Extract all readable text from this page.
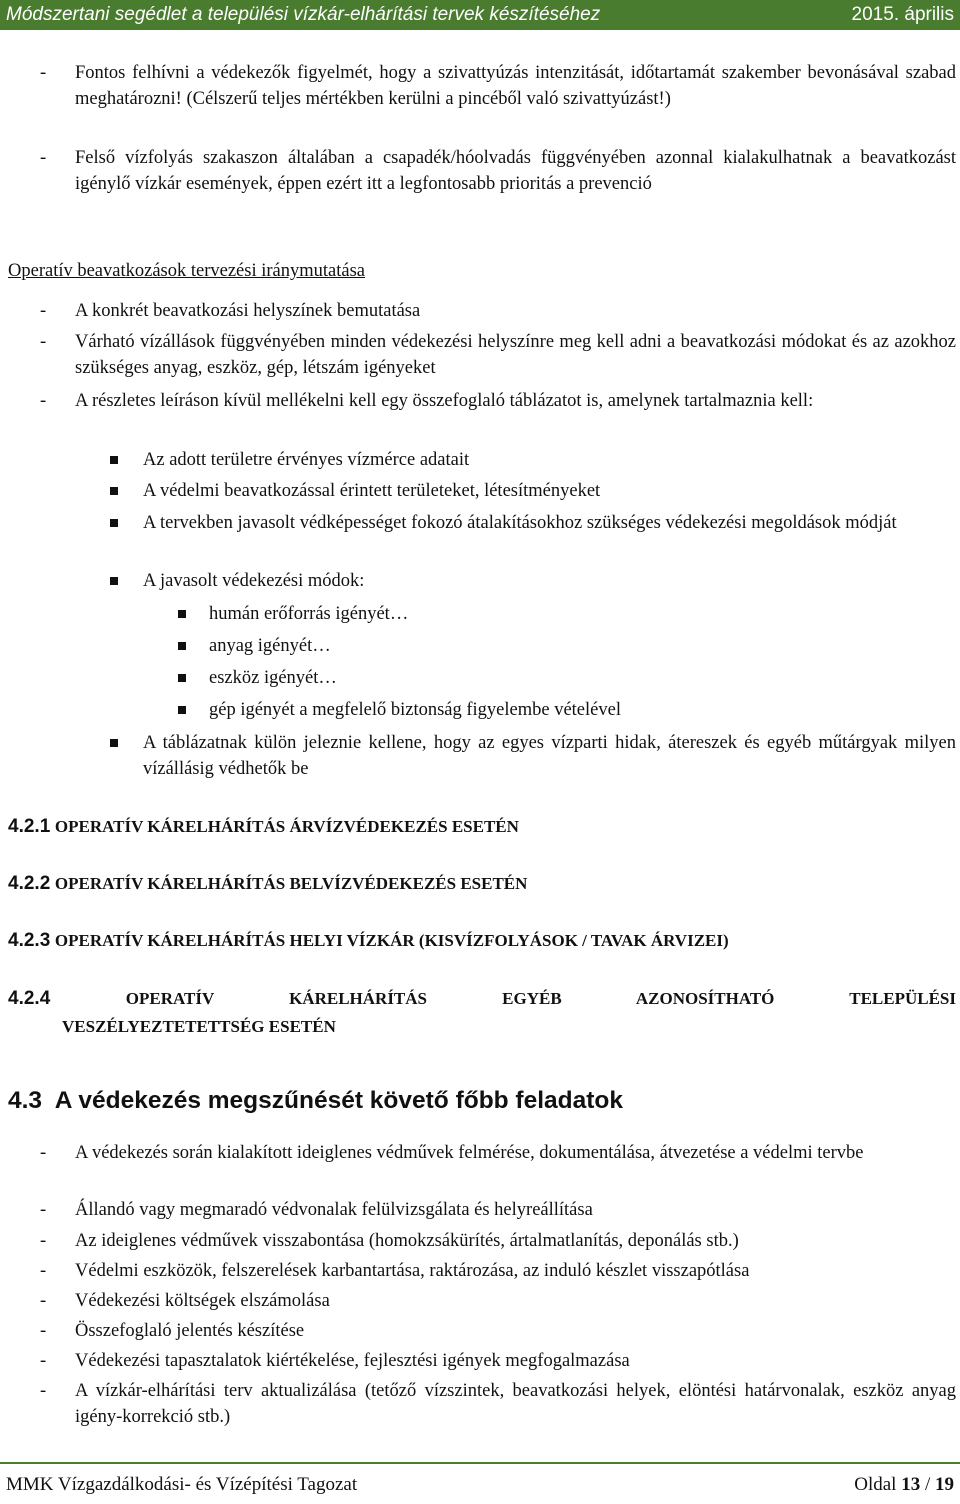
Módszertani segédlet a települési vízkár-elhárítási tervek készítéséhez	2015. április
- Fontos felhívni a védekezők figyelmét, hogy a szivattyúzás intenzitását, időtartamát szakember bevonásával szabad meghatározni! (Célszerű teljes mértékben kerülni a pincéből való szivattyúzást!)
- Felső vízfolyás szakaszon általában a csapadék/hóolvadás függvényében azonnal kialakulhatnak a beavatkozást igénylő vízkár események, éppen ezért itt a legfontosabb prioritás a prevenció
Operatív beavatkozások tervezési iránymutatása
- A konkrét beavatkozási helyszínek bemutatása
- Várható vízállások függvényében minden védekezési helyszínre meg kell adni a beavatkozási módokat és az azokhoz szükséges anyag, eszköz, gép, létszám igényeket
- A részletes leíráson kívül mellékelni kell egy összefoglaló táblázatot is, amelynek tartalmaznia kell:
Az adott területre érvényes vízmérce adatait
A védelmi beavatkozással érintett területeket, létesítményeket
A tervekben javasolt védképességet fokozó átalakításokhoz szükséges védekezési megoldások módját
A javasolt védekezési módok:
humán erőforrás igényét…
anyag igényét…
eszköz igényét…
gép igényét a megfelelő biztonság figyelembe vételével
A táblázatnak külön jeleznie kellene, hogy az egyes vízparti hidak, átereszek és egyéb műtárgyak milyen vízállásig védhetők be
4.2.1 OPERATÍV KÁRELHÁRÍTÁS ÁRVÍZVÉDEKEZÉS ESETÉN
4.2.2 OPERATÍV KÁRELHÁRÍTÁS BELVÍZVÉDEKEZÉS ESETÉN
4.2.3 OPERATÍV KÁRELHÁRÍTÁS HELYI VÍZKÁR (KISVÍZFOLYÁSOK / TAVAK ÁRVIZEI)
4.2.4	OPERATÍV KÁRELHÁRÍTÁS EGYÉB AZONOSÍTHATÓ TELEPÜLÉSI
VESZÉLYEZTETETTSÉG ESETÉN
4.3 A védekezés megszűnését követő főbb feladatok
- A védekezés során kialakított ideiglenes védművek felmérése, dokumentálása, átvezetése a védelmi tervbe
- Állandó vagy megmaradó védvonalak felülvizsgálata és helyreállítása
- Az ideiglenes védművek visszabontása (homokzsákürítés, ártalmatlanítás, deponálás stb.)
- Védelmi eszközök, felszerelések karbantartása, raktározása, az induló készlet visszapótlása
- Védekezési költségek elszámolása
- Összefoglaló jelentés készítése
- Védekezési tapasztalatok kiértékelése, fejlesztési igények megfogalmazása
- A vízkár-elhárítási terv aktualizálása (tetőző vízszintek, beavatkozási helyek, elöntési határvonalak, eszköz anyag igény-korrekció stb.)
MMK Vízgazdálkodási- és Vízépítési Tagozat	Oldal 13 / 19
